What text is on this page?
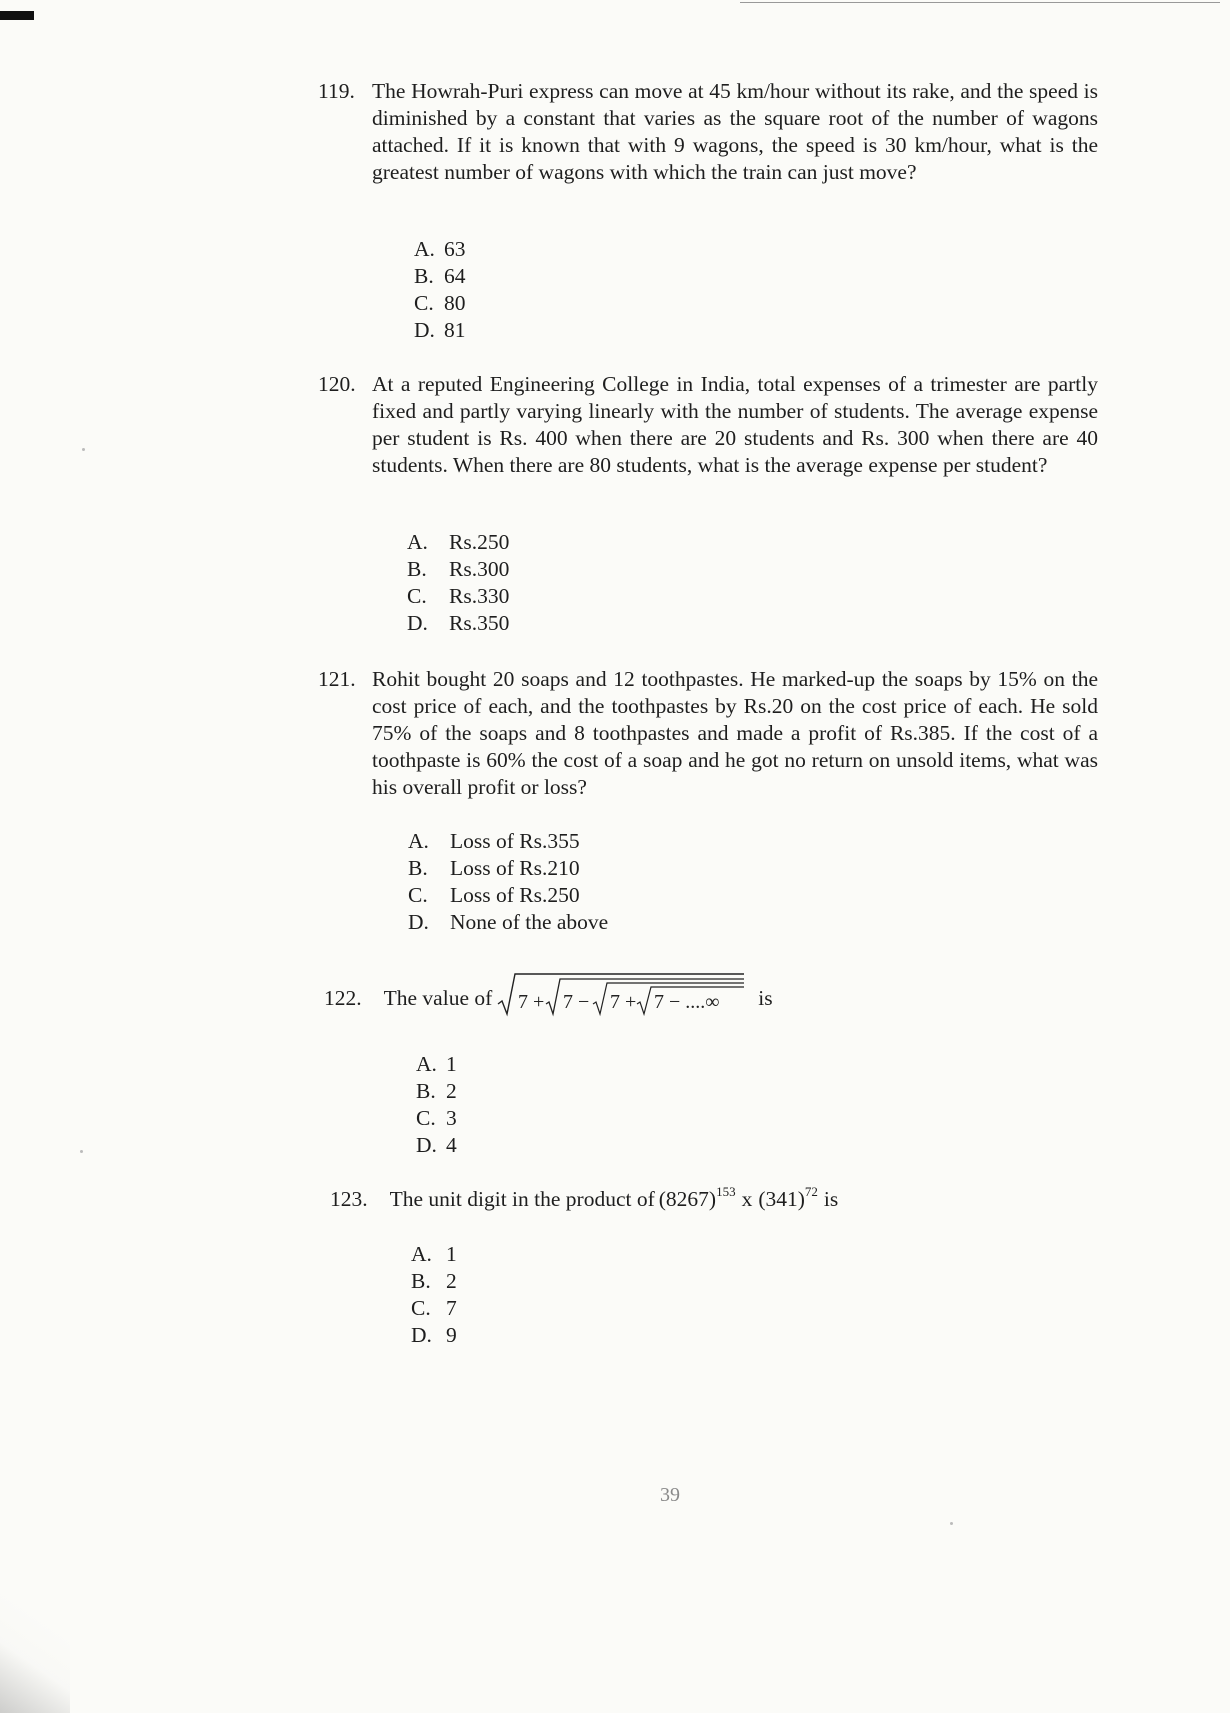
119. The Howrah-Puri express can move at 45 km/hour without its rake, and the speed is diminished by a constant that varies as the square root of the number of wagons attached. If it is known that with 9 wagons, the speed is 30 km/hour, what is the greatest number of wagons with which the train can just move?
A. 63
B. 64
C. 80
D. 81
120. At a reputed Engineering College in India, total expenses of a trimester are partly fixed and partly varying linearly with the number of students. The average expense per student is Rs. 400 when there are 20 students and Rs. 300 when there are 40 students. When there are 80 students, what is the average expense per student?
A. Rs.250
B.	Rs.300
C.	Rs.330
D. Rs.350
121. Rohit bought 20 soaps and 12 toothpastes. He marked-up the soaps by 15% on the cost price of each, and the toothpastes by Rs.20 on the cost price of each. He sold 75% of the soaps and 8 toothpastes and made a profit of Rs.385. If the cost of a toothpaste is 60% the cost of a soap and he got no return on unsold items, what was his overall profit or loss?
A. Loss of Rs.355
B.	Loss of Rs.210
C.	Loss of Rs.250
D. None of the above
122. The value of 7 + 7 − 7 + 7 − ....∞ is
A. 1
B. 2
C. 3
D. 4
123. The unit digit in the product of $(8267)^{153}$ x $(341)^{72}$ is
A. 1
B. 2
C. 7
D. 9
39
